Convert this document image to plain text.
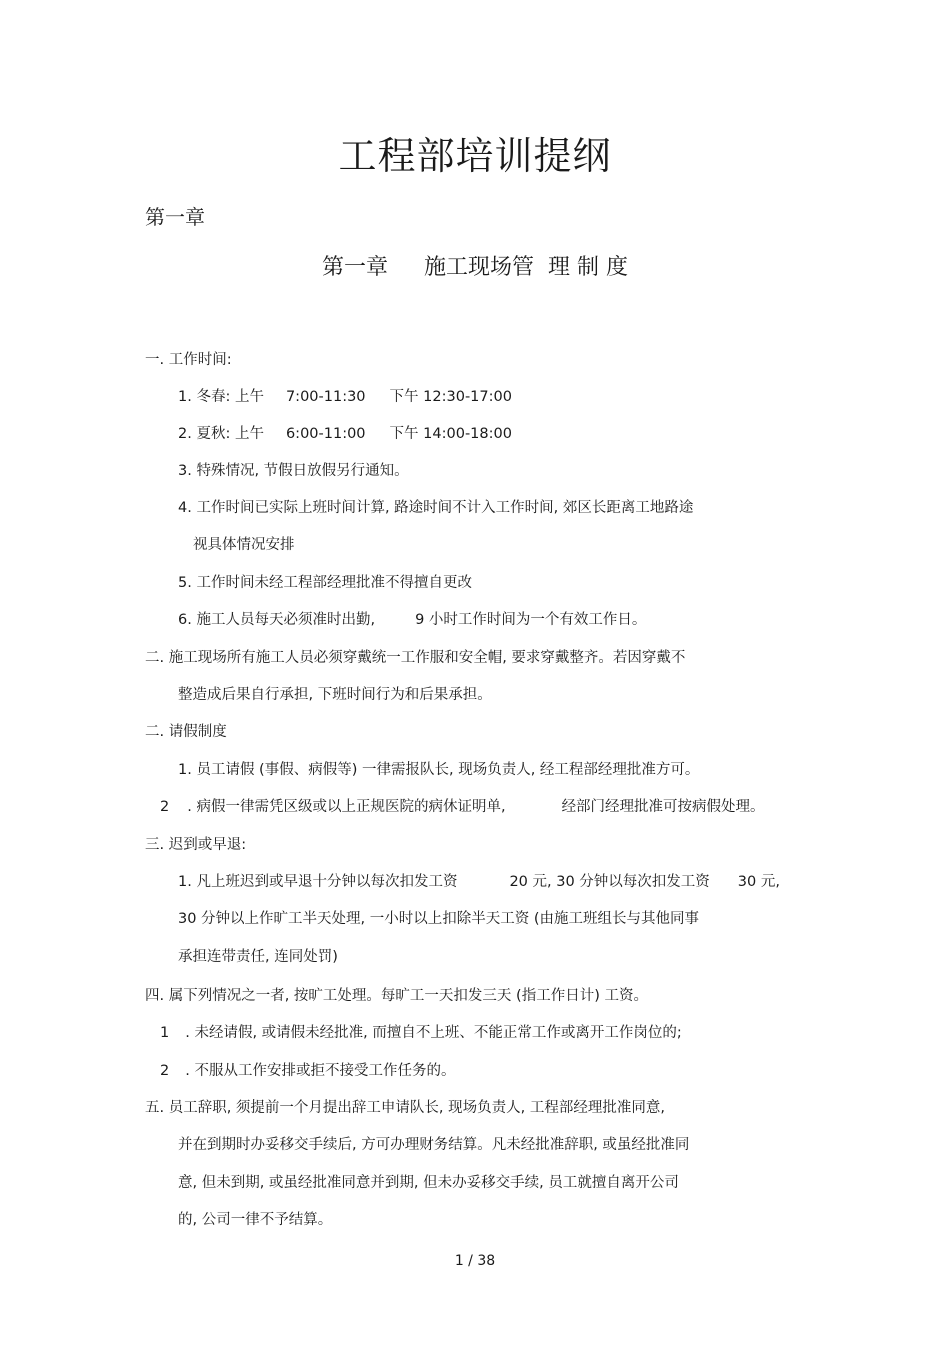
工程部培训提纲
第一章
第一章 施工现场管 理 制 度
一. 工作时间:
1. 冬春: 上午 7:00-11:30 下午 12:30-17:00
2. 夏秋: 上午 6:00-11:00 下午 14:00-18:00
3. 特殊情况, 节假日放假另行通知。
4. 工作时间已实际上班时间计算, 路途时间不计入工作时间, 郊区长距离工地路途
视具体情况安排
5. 工作时间未经工程部经理批准不得擅自更改
6. 施工人员每天必须准时出勤,	9 小时工作时间为一个有效工作日。
二. 施工现场所有施工人员必须穿戴统一工作服和安全帽, 要求穿戴整齐。若因穿戴不
整造成后果自行承担, 下班时间行为和后果承担。
二. 请假制度
1. 员工请假 (事假、病假等) 一律需报队长, 现场负责人, 经工程部经理批准方可。
2 . 病假一律需凭区级或以上正规医院的病休证明单,	经部门经理批准可按病假处理。
三. 迟到或早退:
1. 凡上班迟到或早退十分钟以每次扣发工资	20 元, 30 分钟以每次扣发工资 30 元,
30 分钟以上作旷工半天处理, 一小时以上扣除半天工资 (由施工班组长与其他同事
承担连带责任, 连同处罚)
四. 属下列情况之一者, 按旷工处理。每旷工一天扣发三天 (指工作日计) 工资。
1 . 未经请假, 或请假未经批准, 而擅自不上班、不能正常工作或离开工作岗位的;
2 . 不服从工作安排或拒不接受工作任务的。
五. 员工辞职, 须提前一个月提出辞工申请队长, 现场负责人, 工程部经理批准同意,
并在到期时办妥移交手续后, 方可办理财务结算。凡未经批准辞职, 或虽经批准同
意, 但未到期, 或虽经批准同意并到期, 但未办妥移交手续, 员工就擅自离开公司
的, 公司一律不予结算。
1 / 38
